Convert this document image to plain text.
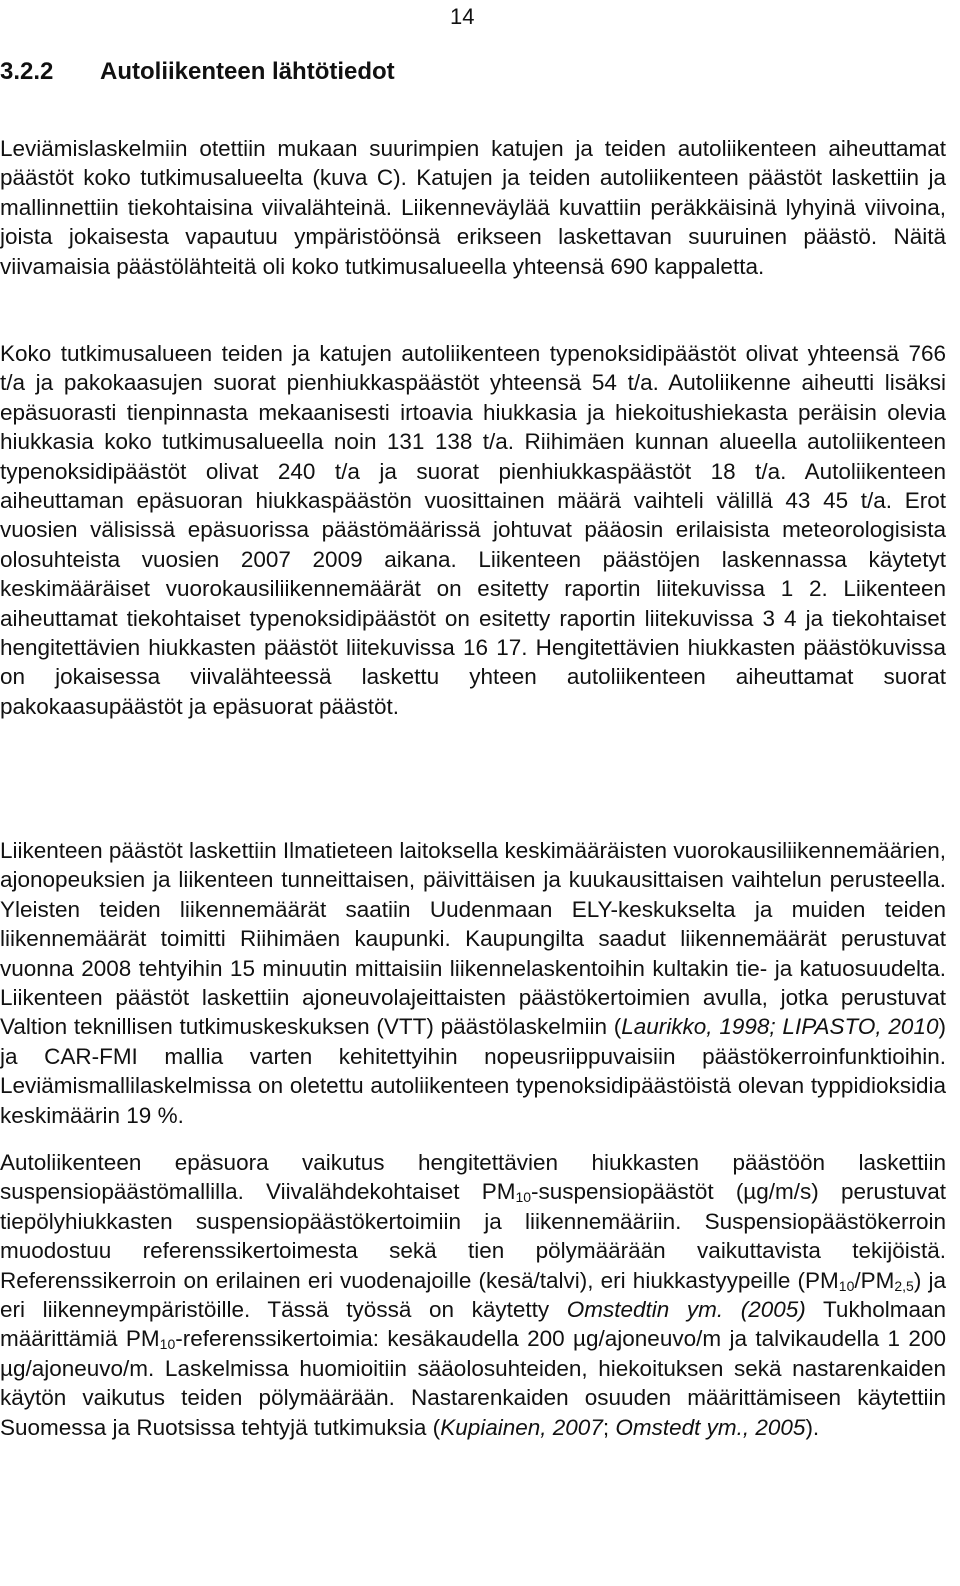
14
3.2.2 Autoliikenteen lähtötiedot

Leviämislaskelmiin otettiin mukaan suurimpien katujen ja teiden autoliikenteen aiheuttamat päästöt koko tutkimusalueelta (kuva C). Katujen ja teiden autoliikenteen päästöt laskettiin ja mallinnettiin tiekohtaisina viivalähteinä. Liikenneväylää kuvattiin peräkkäisinä lyhyinä viivoina, joista jokaisesta vapautuu ympäristöönsä erikseen laskettavan suuruinen päästö. Näitä viivamaisia päästölähteitä oli koko tutkimusalueella yhteensä 690 kappaletta.

Koko tutkimusalueen teiden ja katujen autoliikenteen typenoksidipäästöt olivat yhteensä 766 t/a ja pakokaasujen suorat pienhiukkaspäästöt yhteensä 54 t/a. Autoliikenne aiheutti lisäksi epäsuorasti tienpinnasta mekaanisesti irtoavia hiukkasia ja hiekoitushiekasta peräisin olevia hiukkasia koko tutkimusalueella noin 131 138 t/a. Riihimäen kunnan alueella autoliikenteen typenoksidipäästöt olivat 240 t/a ja suorat pienhiukkaspäästöt 18 t/a. Autoliikenteen aiheuttaman epäsuoran hiukkaspäästön vuosittainen määrä vaihteli välillä 43 45 t/a. Erot vuosien välisissä epäsuorissa päästömäärissä johtuvat pääosin erilaisista meteorologisista olosuhteista vuosien 2007 2009 aikana. Liikenteen päästöjen laskennassa käytetyt keskimääräiset vuorokausiliikennemäärät on esitetty raportin liitekuvissa 1 2. Liikenteen aiheuttamat tiekohtaiset typenoksidipäästöt on esitetty raportin liitekuvissa 3 4 ja tiekohtaiset hengitettävien hiukkasten päästöt liitekuvissa 16 17. Hengitettävien hiukkasten päästökuvissa on jokaisessa viivalähteessä laskettu yhteen autoliikenteen aiheuttamat suorat pakokaasupäästöt ja epäsuorat päästöt.

Liikenteen päästöt laskettiin Ilmatieteen laitoksella keskimääräisten vuorokausiliikennemäärien, ajonopeuksien ja liikenteen tunneittaisen, päivittäisen ja kuukausittaisen vaihtelun perusteella. Yleisten teiden liikennemäärät saatiin Uudenmaan ELY-keskukselta ja muiden teiden liikennemäärät toimitti Riihimäen kaupunki. Kaupungilta saadut liikennemäärät perustuvat vuonna 2008 tehtyihin 15 minuutin mittaisiin liikennelaskentoihin kultakin tie- ja katuosuudelta. Liikenteen päästöt laskettiin ajoneuvolajeittaisten päästökertoimien avulla, jotka perustuvat Valtion teknillisen tutkimuskeskuksen (VTT) päästölaskelmiin (Laurikko, 1998; LIPASTO, 2010) ja CAR-FMI mallia varten kehitettyihin nopeusriippuvaisiin päästökerroinfunktioihin. Leviämismallilaskelmissa on oletettu autoliikenteen typenoksidipäästöistä olevan typpidioksidia keskimäärin 19 %.

Autoliikenteen epäsuora vaikutus hengitettävien hiukkasten päästöön laskettiin suspensiopäästömallilla. Viivalähdekohtaiset $PM_{10}$-suspensiopäästöt (µg/m/s) perustuvat tiepölyhiukkasten suspensiopäästökertoimiin ja liikennemääriin. Suspensiopäästökerroin muodostuu referenssikertoimesta sekä tien pölymäärään vaikuttavista tekijöistä. Referenssikerroin on erilainen eri vuodenajoille (kesä/talvi), eri hiukkastyypeille $(PM_{10}/PM_{2,5})$ ja eri liikenneympäristöille. Tässä työssä on käytetty Omstedtin ym. (2005) Tukholmaan määrittämiä $PM_{10}$-referenssikertoimia: kesäkaudella 200 µg/ajoneuvo/m ja talvikaudella 1 200 µg/ajoneuvo/m. Laskelmissa huomioitiin sääolosuhteiden, hiekoituksen sekä nastarenkaiden käytön vaikutus teiden pölymäärään. Nastarenkaiden osuuden määrittämiseen käytettiin Suomessa ja Ruotsissa tehtyjä tutkimuksia (Kupiainen, 2007; Omstedt ym., 2005).
